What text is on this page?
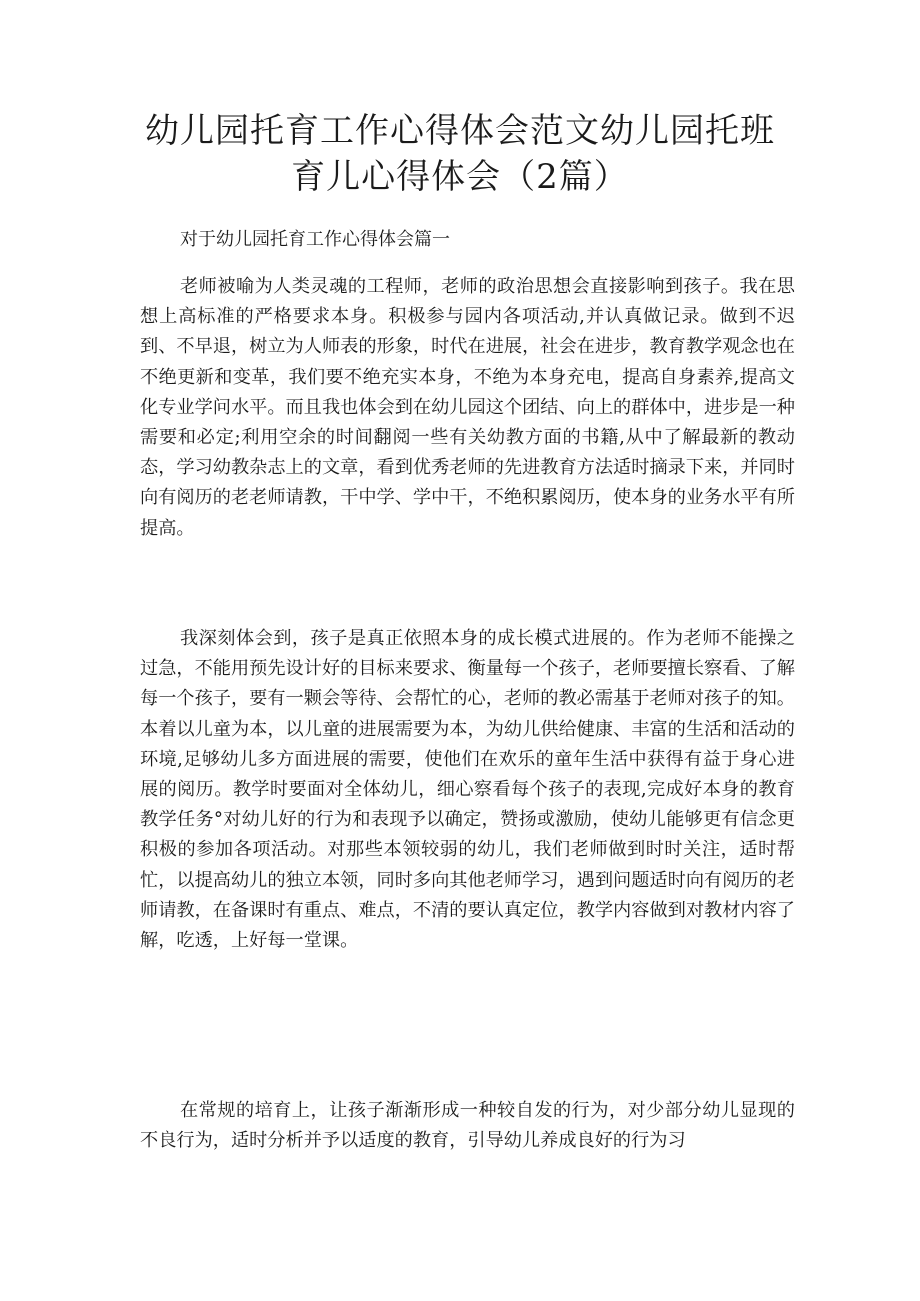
幼儿园托育工作心得体会范文幼儿园托班育儿心得体会（2篇）

对于幼儿园托育工作心得体会篇一

老师被喻为人类灵魂的工程师，老师的政治思想会直接影响到孩子。我在思想上高标准的严格要求本身。积极参与园内各项活动,并认真做记录。做到不迟到、不早退，树立为人师表的形象，时代在进展，社会在进步，教育教学观念也在不绝更新和变革，我们要不绝充实本身，不绝为本身充电，提高自身素养,提高文化专业学问水平。而且我也体会到在幼儿园这个团结、向上的群体中，进步是一种需要和必定;利用空余的时间翻阅一些有关幼教方面的书籍,从中了解最新的教动态，学习幼教杂志上的文章，看到优秀老师的先进教育方法适时摘录下来，并同时向有阅历的老老师请教，干中学、学中干，不绝积累阅历，使本身的业务水平有所提高。

我深刻体会到，孩子是真正依照本身的成长模式进展的。作为老师不能操之过急，不能用预先设计好的目标来要求、衡量每一个孩子，老师要擅长察看、了解每一个孩子，要有一颗会等待、会帮忙的心，老师的教必需基于老师对孩子的知。本着以儿童为本，以儿童的进展需要为本，为幼儿供给健康、丰富的生活和活动的环境,足够幼儿多方面进展的需要，使他们在欢乐的童年生活中获得有益于身心进展的阅历。教学时要面对全体幼儿，细心察看每个孩子的表现,完成好本身的教育教学任务°对幼儿好的行为和表现予以确定，赞扬或激励，使幼儿能够更有信念更积极的参加各项活动。对那些本领较弱的幼儿，我们老师做到时时关注，适时帮忙，以提高幼儿的独立本领，同时多向其他老师学习，遇到问题适时向有阅历的老师请教，在备课时有重点、难点，不清的要认真定位，教学内容做到对教材内容了解，吃透，上好每一堂课。

在常规的培育上，让孩子渐渐形成一种较自发的行为，对少部分幼儿显现的不良行为，适时分析并予以适度的教育，引导幼儿养成良好的行为习
